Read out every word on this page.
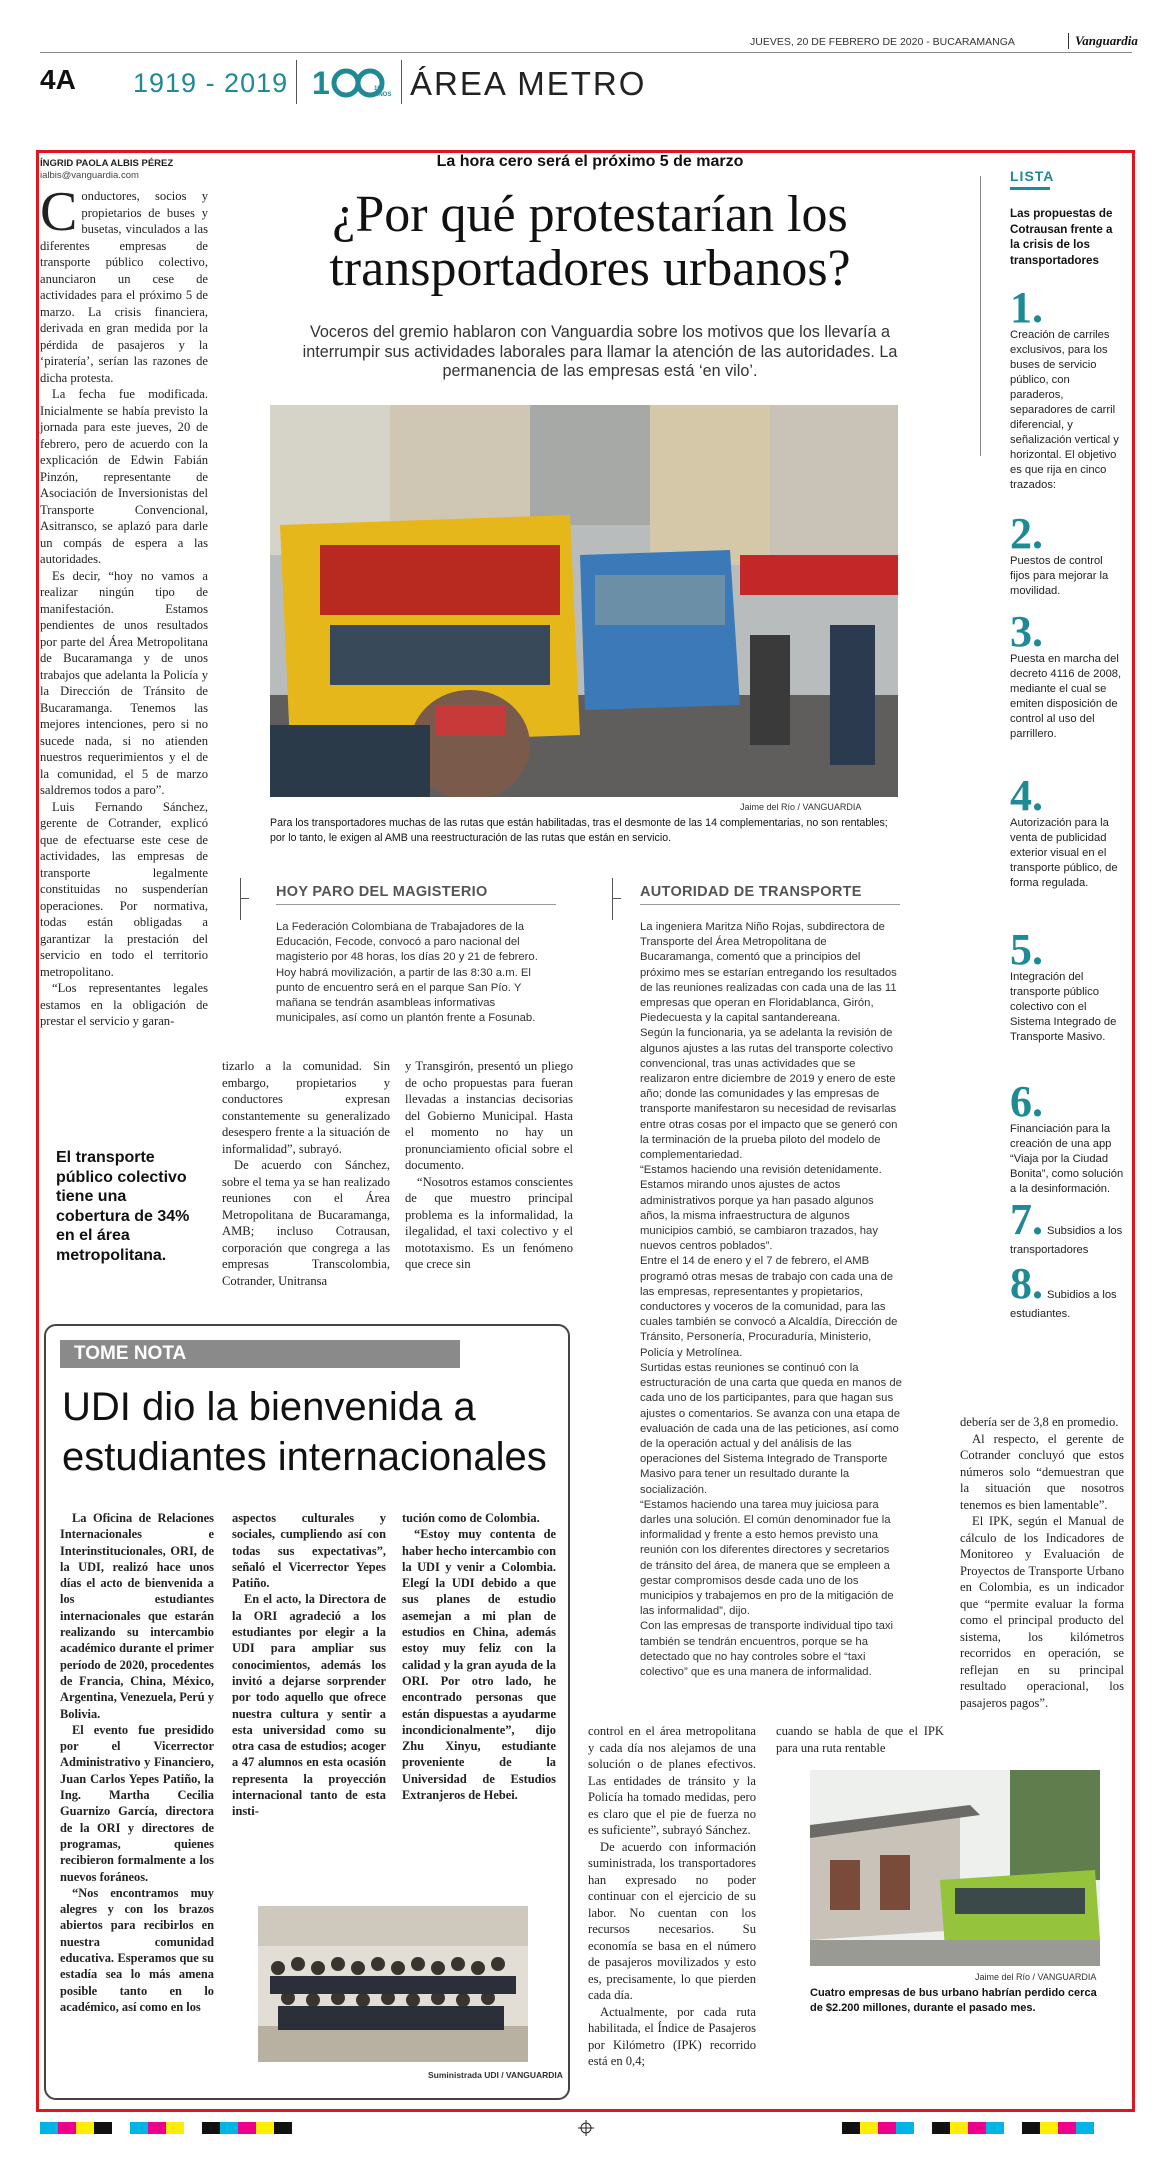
JUEVES, 20 DE FEBRERO DE 2020 - BUCARAMANGA	Vanguardia
4A 1919 - 2019 1	100 AÑOS ÁREA METRO
ÍNGRID PAOLA ALBIS PÉREZ
ialbis@vanguardia.com
La hora cero será el próximo 5 de marzo
¿Por qué protestarían los
transportadores urbanos?
Voceros del gremio hablaron con Vanguardia sobre los motivos que los llevaría a interrumpir sus actividades laborales para llamar la atención de las autoridades. La permanencia de las empresas está ‘en vilo’.

Conductores, socios y propietarios de buses y busetas, vinculados a las diferentes empresas de transporte público colectivo, anunciaron un cese de actividades para el próximo 5 de marzo. La crisis financiera, derivada en gran medida por la pérdida de pasajeros y la ‘piratería’, serían las razones de dicha protesta.

La fecha fue modificada. Inicialmente se había previsto la jornada para este jueves, 20 de febrero, pero de acuerdo con la explicación de Edwin Fabián Pinzón, representante de Asociación de Inversionistas del Transporte Convencional, Asitransco, se aplazó para darle un compás de espera a las autoridades.

Es decir, “hoy no vamos a realizar ningún tipo de manifestación. Estamos pendientes de unos resultados por parte del Área Metropolitana de Bucaramanga y de unos trabajos que adelanta la Policía y la Dirección de Tránsito de Bucaramanga. Tenemos las mejores intenciones, pero si no sucede nada, si no atienden nuestros requerimientos y el de la comunidad, el 5 de marzo saldremos todos a paro”.

Luis Fernando Sánchez, gerente de Cotrander, explicó que de efectuarse este cese de actividades, las empresas de transporte legalmente constituidas no suspenderían operaciones. Por normativa, todas están obligadas a garantizar la prestación del servicio en todo el territorio metropolitano.

“Los representantes legales estamos en la obligación de prestar el servicio y garan-

El transporte público colectivo tiene una cobertura de 34% en el área metropolitana.
Jaime del Río / VANGUARDIA
Para los transportadores muchas de las rutas que están habilitadas, tras el desmonte de las 14 complementarias, no son rentables; por lo tanto, le exigen al AMB una reestructuración de las rutas que están en servicio.
HOY PARO DEL MAGISTERIO
La Federación Colombiana de Trabajadores de la Educación, Fecode, convocó a paro nacional del magisterio por 48 horas, los días 20 y 21 de febrero. Hoy habrá movilización, a partir de las 8:30 a.m. El punto de encuentro será en el parque San Pío. Y mañana se tendrán asambleas informativas municipales, así como un plantón frente a Fosunab.
AUTORIDAD DE TRANSPORTE

La ingeniera Maritza Niño Rojas, subdirectora de Transporte del Área Metropolitana de Bucaramanga, comentó que a principios del próximo mes se estarían entregando los resultados de las reuniones realizadas con cada una de las 11 empresas que operan en Floridablanca, Girón, Piedecuesta y la capital santandereana.

Según la funcionaria, ya se adelanta la revisión de algunos ajustes a las rutas del transporte colectivo convencional, tras unas actividades que se realizaron entre diciembre de 2019 y enero de este año; donde las comunidades y las empresas de transporte manifestaron su necesidad de revisarlas entre otras cosas por el impacto que se generó con la terminación de la prueba piloto del modelo de complementariedad.

“Estamos haciendo una revisión detenidamente. Estamos mirando unos ajustes de actos administrativos porque ya han pasado algunos años, la misma infraestructura de algunos municipios cambió, se cambiaron trazados, hay nuevos centros poblados”.

Entre el 14 de enero y el 7 de febrero, el AMB programó otras mesas de trabajo con cada una de las empresas, representantes y propietarios, conductores y voceros de la comunidad, para las cuales también se convocó a Alcaldía, Dirección de Tránsito, Personería, Procuraduría, Ministerio, Policía y Metrolínea.

Surtidas estas reuniones se continuó con la estructuración de una carta que queda en manos de cada uno de los participantes, para que hagan sus ajustes o comentarios. Se avanza con una etapa de evaluación de cada una de las peticiones, así como de la operación actual y del análisis de las operaciones del Sistema Integrado de Transporte Masivo para tener un resultado durante la socialización.

“Estamos haciendo una tarea muy juiciosa para darles una solución. El común denominador fue la informalidad y frente a esto hemos previsto una reunión con los diferentes directores y secretarios de tránsito del área, de manera que se empleen a gestar compromisos desde cada uno de los municipios y trabajemos en pro de la mitigación de las informalidad”, dijo.

Con las empresas de transporte individual tipo taxi también se tendrán encuentros, porque se ha detectado que no hay controles sobre el “taxi colectivo” que es una manera de informalidad.

tizarlo a la comunidad. Sin embargo, propietarios y conductores expresan constantemente su generalizado desespero frente a la situación de informalidad”, subrayó.

De acuerdo con Sánchez, sobre el tema ya se han realizado reuniones con el Área Metropolitana de Bucaramanga, AMB; incluso Cotrausan, corporación que congrega a las empresas Transcolombia, Cotrander, Unitransa

y Transgirón, presentó un pliego de ocho propuestas para fueran llevadas a instancias decisorias del Gobierno Municipal. Hasta el momento no hay un pronunciamiento oficial sobre el documento.

“Nosotros estamos conscientes de que muestro principal problema es la informalidad, la ilegalidad, el taxi colectivo y el mototaxismo. Es un fenómeno que crece sin

LISTA
Las propuestas de Cotrausan frente a la crisis de los transportadores
1.
Creación de carriles exclusivos, para los buses de servicio público, con paraderos, separadores de carril diferencial, y señalización vertical y horizontal. El objetivo es que rija en cinco trazados:
2.
Puestos de control fijos para mejorar la movilidad.
3.
Puesta en marcha del decreto 4116 de 2008, mediante el cual se emiten disposición de control al uso del parrillero.
4.
Autorización para la venta de publicidad exterior visual en el transporte público, de forma regulada.
5.
Integración del transporte público colectivo con el Sistema Integrado de Transporte Masivo.
6.
Financiación para la creación de una app “Viaja por la Ciudad Bonita”, como solución a la desinformación.
7. Subsidios a los transportadores
8. Subidios a los estudiantes.
TOME NOTA
UDI dio la bienvenida a
estudiantes internacionales

La Oficina de Relaciones Internacionales e Interinstitucionales, ORI, de la UDI, realizó hace unos días el acto de bienvenida a los estudiantes internacionales que estarán realizando su intercambio académico durante el primer período de 2020, procedentes de Francia, China, México, Argentina, Venezuela, Perú y Bolivia.

El evento fue presidido por el Vicerrector Administrativo y Financiero, Juan Carlos Yepes Patiño, la Ing. Martha Cecilia Guarnizo García, directora de la ORI y directores de programas, quienes recibieron formalmente a los nuevos foráneos.

“Nos encontramos muy alegres y con los brazos abiertos para recibirlos en nuestra comunidad educativa. Esperamos que su estadía sea lo más amena posible tanto en lo académico, así como en los

aspectos culturales y sociales, cumpliendo así con todas sus expectativas”, señaló el Vicerrector Yepes Patiño.

En el acto, la Directora de la ORI agradeció a los estudiantes por elegir a la UDI para ampliar sus conocimientos, además los invitó a dejarse sorprender por todo aquello que ofrece nuestra cultura y sentir a esta universidad como su otra casa de estudios; acoger a 47 alumnos en esta ocasión representa la proyección internacional tanto de esta insti-

tución como de Colombia.

“Estoy muy contenta de haber hecho intercambio con la UDI y venir a Colombia. Elegí la UDI debido a que sus planes de estudio asemejan a mi plan de estudios en China, además estoy muy feliz con la calidad y la gran ayuda de la ORI. Por otro lado, he encontrado personas que están dispuestas a ayudarme incondicionalmente”, dijo Zhu Xinyu, estudiante proveniente de la Universidad de Estudios Extranjeros de Hebei.

Suministrada UDI / VANGUARDIA

control en el área metropolitana y cada día nos alejamos de una solución o de planes efectivos. Las entidades de tránsito y la Policía ha tomado medidas, pero es claro que el pie de fuerza no es suficiente”, subrayó Sánchez.

De acuerdo con información suministrada, los transportadores han expresado no poder continuar con el ejercicio de su labor. No cuentan con los recursos necesarios. Su economía se basa en el número de pasajeros movilizados y esto es, precisamente, lo que pierden cada día.

Actualmente, por cada ruta habilitada, el Índice de Pasajeros por Kilómetro (IPK) recorrido está en 0,4;

cuando se habla de que el IPK para una ruta rentable

debería ser de 3,8 en promedio.

Al respecto, el gerente de Cotrander concluyó que estos números solo “demuestran que la situación que nosotros tenemos es bien lamentable”.

El IPK, según el Manual de cálculo de los Indicadores de Monitoreo y Evaluación de Proyectos de Transporte Urbano en Colombia, es un indicador que “permite evaluar la forma como el principal producto del sistema, los kilómetros recorridos en operación, se reflejan en su principal resultado operacional, los pasajeros pagos”.

Jaime del Río / VANGUARDIA
Cuatro empresas de bus urbano habrían perdido cerca de $2.200 millones, durante el pasado mes.
